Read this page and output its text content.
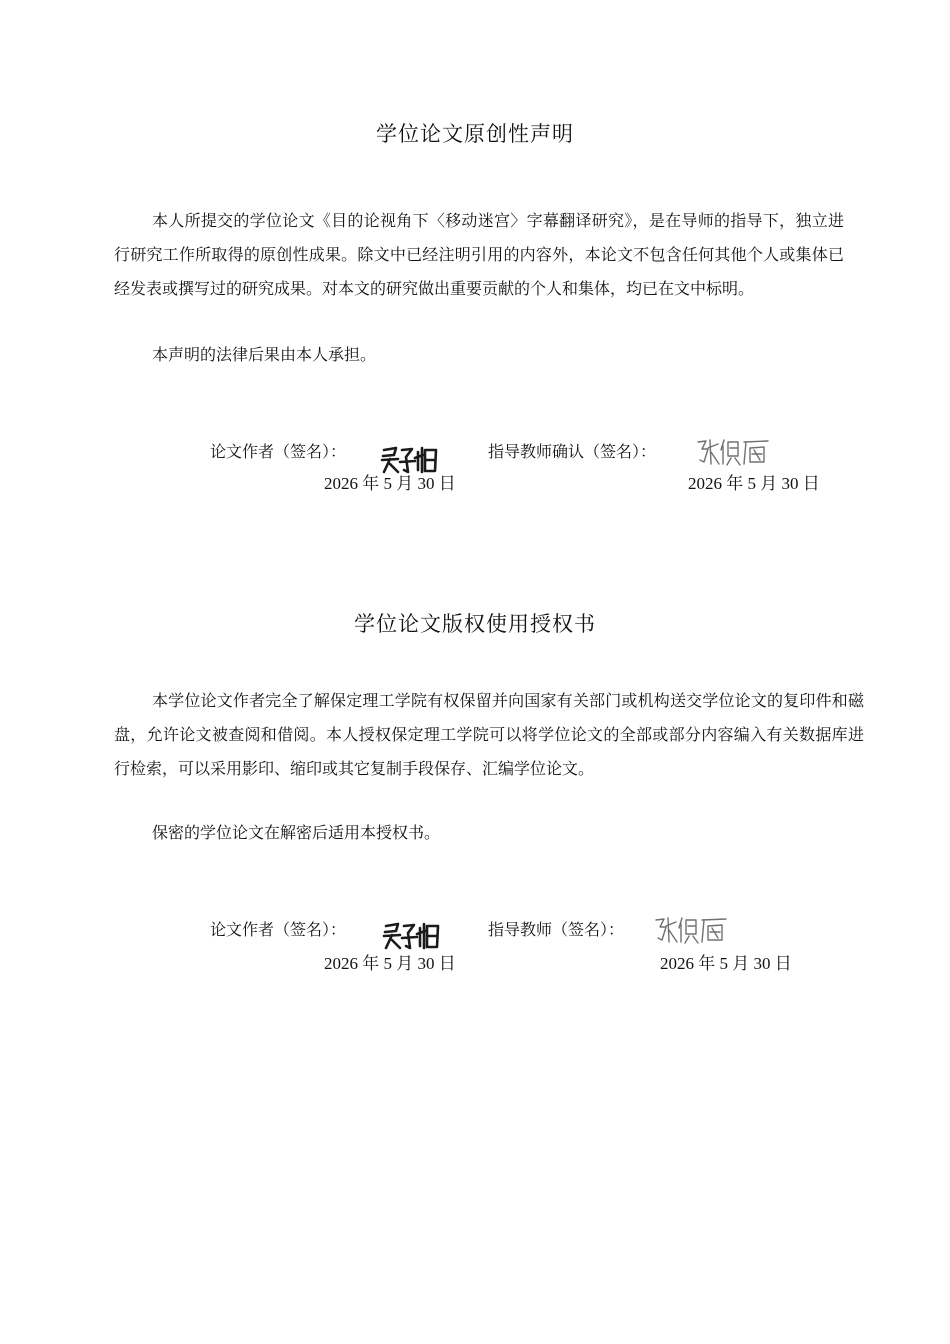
学位论文原创性声明

本人所提交的学位论文《目的论视角下〈移动迷宫〉字幕翻译研究》，是在导师的指导下，独立进行研究工作所取得的原创性成果。除文中已经注明引用的内容外，本论文不包含任何其他个人或集体已经发表或撰写过的研究成果。对本文的研究做出重要贡献的个人和集体，均已在文中标明。

本声明的法律后果由本人承担。

论文作者（签名）：	指导教师确认（签名）：
2026 年 5 月 30 日	2026 年 5 月 30 日
学位论文版权使用授权书

本学位论文作者完全了解保定理工学院有权保留并向国家有关部门或机构送交学位论文的复印件和磁盘，允许论文被查阅和借阅。本人授权保定理工学院可以将学位论文的全部或部分内容编入有关数据库进行检索，可以采用影印、缩印或其它复制手段保存、汇编学位论文。

保密的学位论文在解密后适用本授权书。

论文作者（签名）：	指导教师（签名）：
2026 年 5 月 30 日	2026 年 5 月 30 日
